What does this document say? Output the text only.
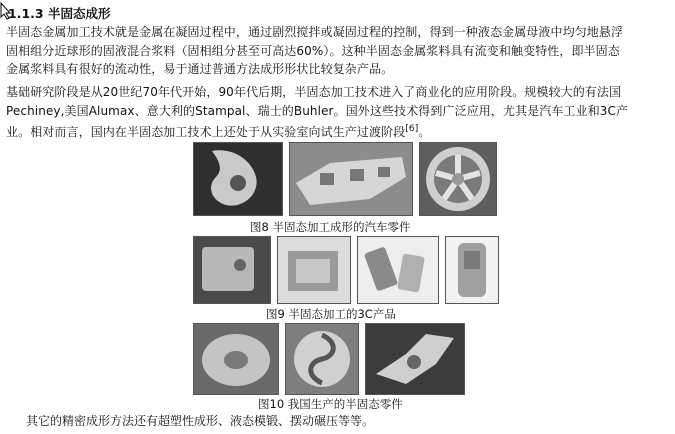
1.1.3 半固态成形
半固态金属加工技术就是金属在凝固过程中，通过剧烈搅拌或凝固过程的控制，得到一种液态金属母液中均匀地悬浮
固相组分近球形的固液混合浆料（固相组分甚至可高达60%）。这种半固态金属浆料具有流变和触变特性，即半固态
金属浆料具有很好的流动性，易于通过普通方法成形形状比较复杂产品。
基础研究阶段是从20世纪70年代开始，90年代后期，半固态加工技术进入了商业化的应用阶段。规模较大的有法国
Pechiney,美国Alumax、意大利的Stampal、瑞士的Buhler。国外这些技术得到广泛应用，尤其是汽车工业和3C产
业。相对而言，国内在半固态加工技术上还处于从实验室向试生产过渡阶段[6]。
图8 半固态加工成形的汽车零件
图9 半固态加工的3C产品
图10 我国生产的半固态零件
其它的精密成形方法还有超塑性成形、液态模锻、摆动碾压等等。
